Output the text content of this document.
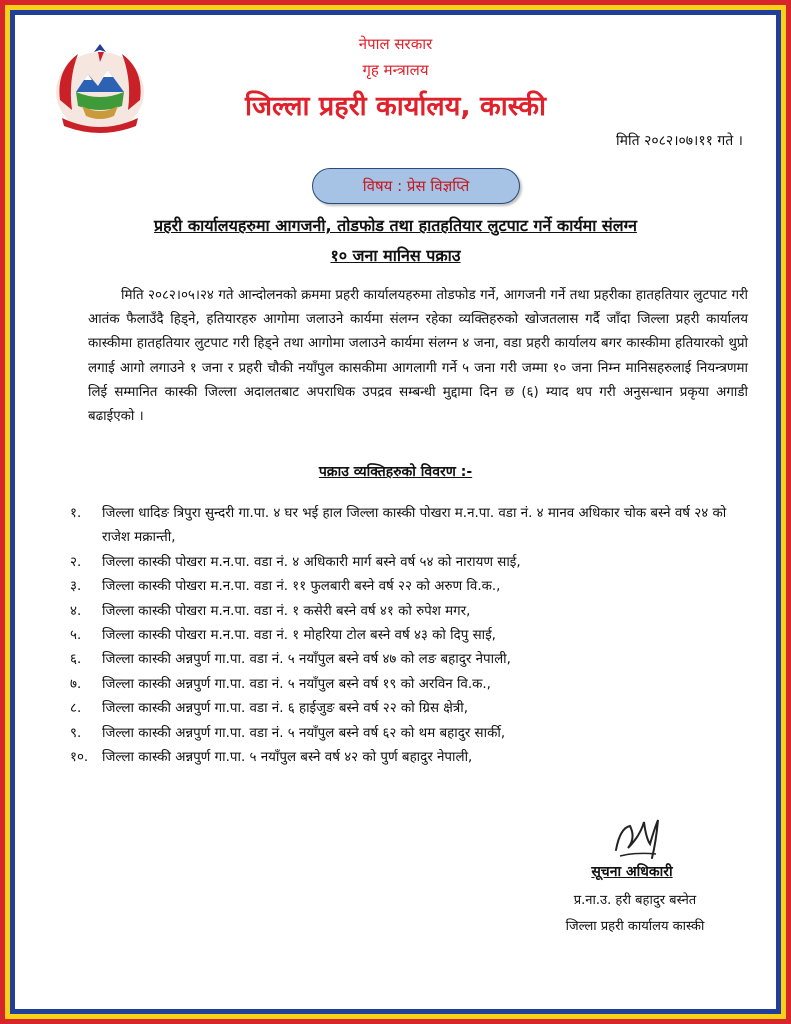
नेपाल सरकार
गृह मन्त्रालय
जिल्ला प्रहरी कार्यालय, कास्की
मिति २०८२।०७।११ गते ।
विषय : प्रेस विज्ञप्ति
प्रहरी कार्यालयहरुमा आगजनी, तोडफोड तथा हातहतियार लुटपाट गर्ने कार्यमा संलग्न
१० जना मानिस पक्राउ

मिति २०८२।०५।२४ गते आन्दोलनको क्रममा प्रहरी कार्यालयहरुमा तोडफोड गर्ने, आगजनी गर्ने तथा प्रहरीका हातहतियार लुटपाट गरी आतंक फैलाउँदै हिड्ने, हतियारहरु आगोमा जलाउने कार्यमा संलग्न रहेका व्यक्तिहरुको खोजतलास गर्दै जाँदा जिल्ला प्रहरी कार्यालय कास्कीमा हातहतियार लुटपाट गरी हिड्ने तथा आगोमा जलाउने कार्यमा संलग्न ४ जना, वडा प्रहरी कार्यालय बगर कास्कीमा हतियारको थुप्रो लगाई आगो लगाउने १ जना र प्रहरी चौकी नयाँपुल कासकीमा आगलागी गर्ने ५ जना गरी जम्मा १० जना निम्न मानिसहरुलाई नियन्त्रणमा लिई सम्मानित कास्की जिल्ला अदालतबाट अपराधिक उपद्रव सम्बन्धी मुद्दामा दिन छ (६) म्याद थप गरी अनुसन्धान प्रकृया अगाडी बढाईएको ।

पक्राउ व्यक्तिहरुको विवरण :-
१. जिल्ला धादिङ त्रिपुरा सुन्दरी गा.पा. ४ घर भई हाल जिल्ला कास्की पोखरा म.न.पा. वडा नं. ४ मानव अधिकार चोक बस्ने वर्ष २४ को राजेश मक्रान्ती,
२. जिल्ला कास्की पोखरा म.न.पा. वडा नं. ४ अधिकारी मार्ग बस्ने वर्ष ५४ को नारायण साई,
३. जिल्ला कास्की पोखरा म.न.पा. वडा नं. ११ फुलबारी बस्ने वर्ष २२ को अरुण वि.क.,
४. जिल्ला कास्की पोखरा म.न.पा. वडा नं. १ कसेरी बस्ने वर्ष ४१ को रुपेश मगर,
५. जिल्ला कास्की पोखरा म.न.पा. वडा नं. १ मोहरिया टोल बस्ने वर्ष ४३ को दिपु साई,
६. जिल्ला कास्की अन्नपुर्ण गा.पा. वडा नं. ५ नयाँपुल बस्ने वर्ष ४७ को लङ बहादुर नेपाली,
७. जिल्ला कास्की अन्नपुर्ण गा.पा. वडा नं. ५ नयाँपुल बस्ने वर्ष १९ को अरविन वि.क.,
८. जिल्ला कास्की अन्नपुर्ण गा.पा. वडा नं. ६ हाईजुङ बस्ने वर्ष २२ को ग्रिस क्षेत्री,
९. जिल्ला कास्की अन्नपुर्ण गा.पा. वडा नं. ५ नयाँपुल बस्ने वर्ष ६२ को थम बहादुर सार्की,
१०. जिल्ला कास्की अन्नपुर्ण गा.पा. ५ नयाँपुल बस्ने वर्ष ४२ को पुर्ण बहादुर नेपाली,
सूचना अधिकारी
प्र.ना.उ. हरी बहादुर बस्नेत
जिल्ला प्रहरी कार्यालय कास्की
